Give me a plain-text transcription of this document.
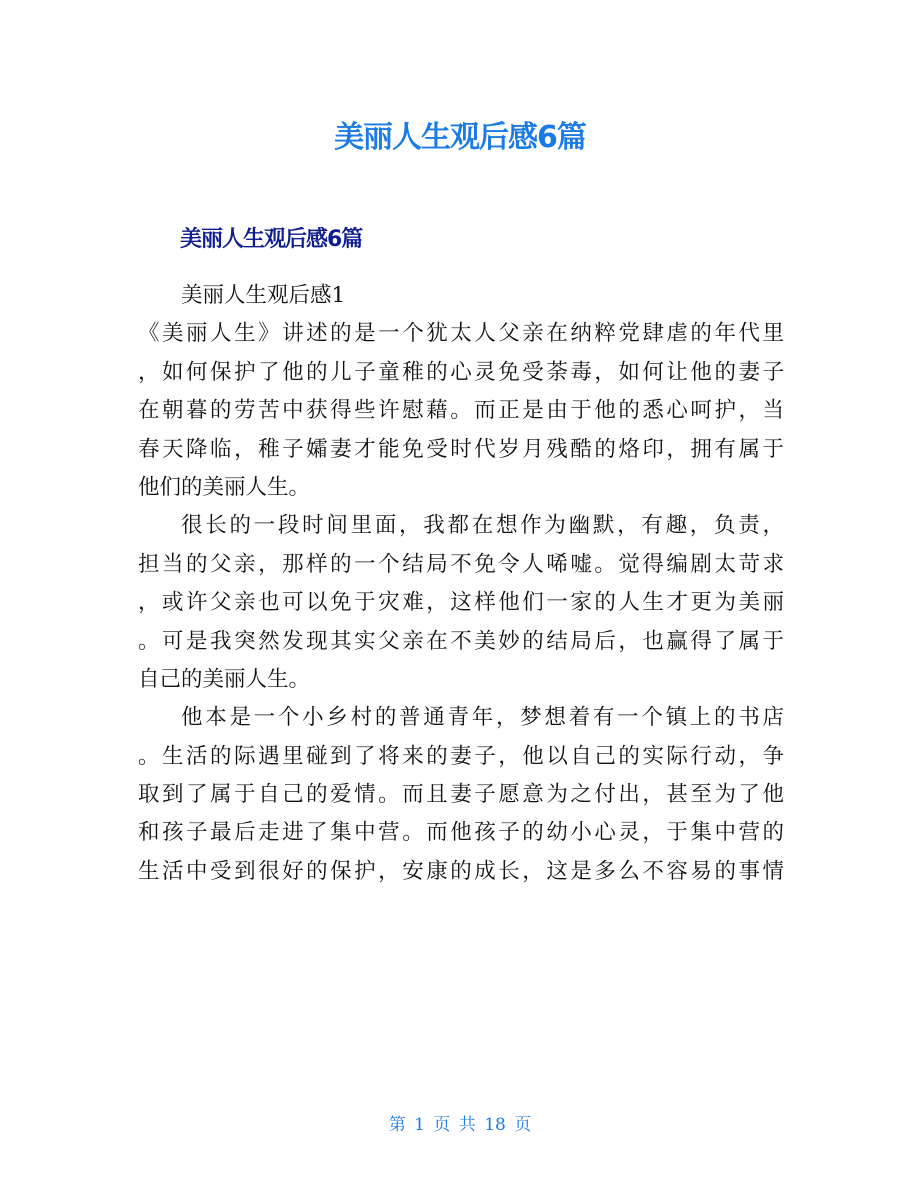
美丽人生观后感6篇
美丽人生观后感6篇
美丽人生观后感1
《美丽人生》讲述的是一个犹太人父亲在纳粹党肆虐的年代里
，如何保护了他的儿子童稚的心灵免受荼毒，如何让他的妻子
在朝暮的劳苦中获得些许慰藉。而正是由于他的悉心呵护，当
春天降临，稚子孀妻才能免受时代岁月残酷的烙印，拥有属于
他们的美丽人生。
很长的一段时间里面，我都在想作为幽默，有趣，负责，
担当的父亲，那样的一个结局不免令人唏嘘。觉得编剧太苛求
，或许父亲也可以免于灾难，这样他们一家的人生才更为美丽
。可是我突然发现其实父亲在不美妙的结局后，也赢得了属于
自己的美丽人生。
他本是一个小乡村的普通青年，梦想着有一个镇上的书店
。生活的际遇里碰到了将来的妻子，他以自己的实际行动，争
取到了属于自己的爱情。而且妻子愿意为之付出，甚至为了他
和孩子最后走进了集中营。而他孩子的幼小心灵，于集中营的
生活中受到很好的保护，安康的成长，这是多么不容易的事情
第 1 页 共 18 页
